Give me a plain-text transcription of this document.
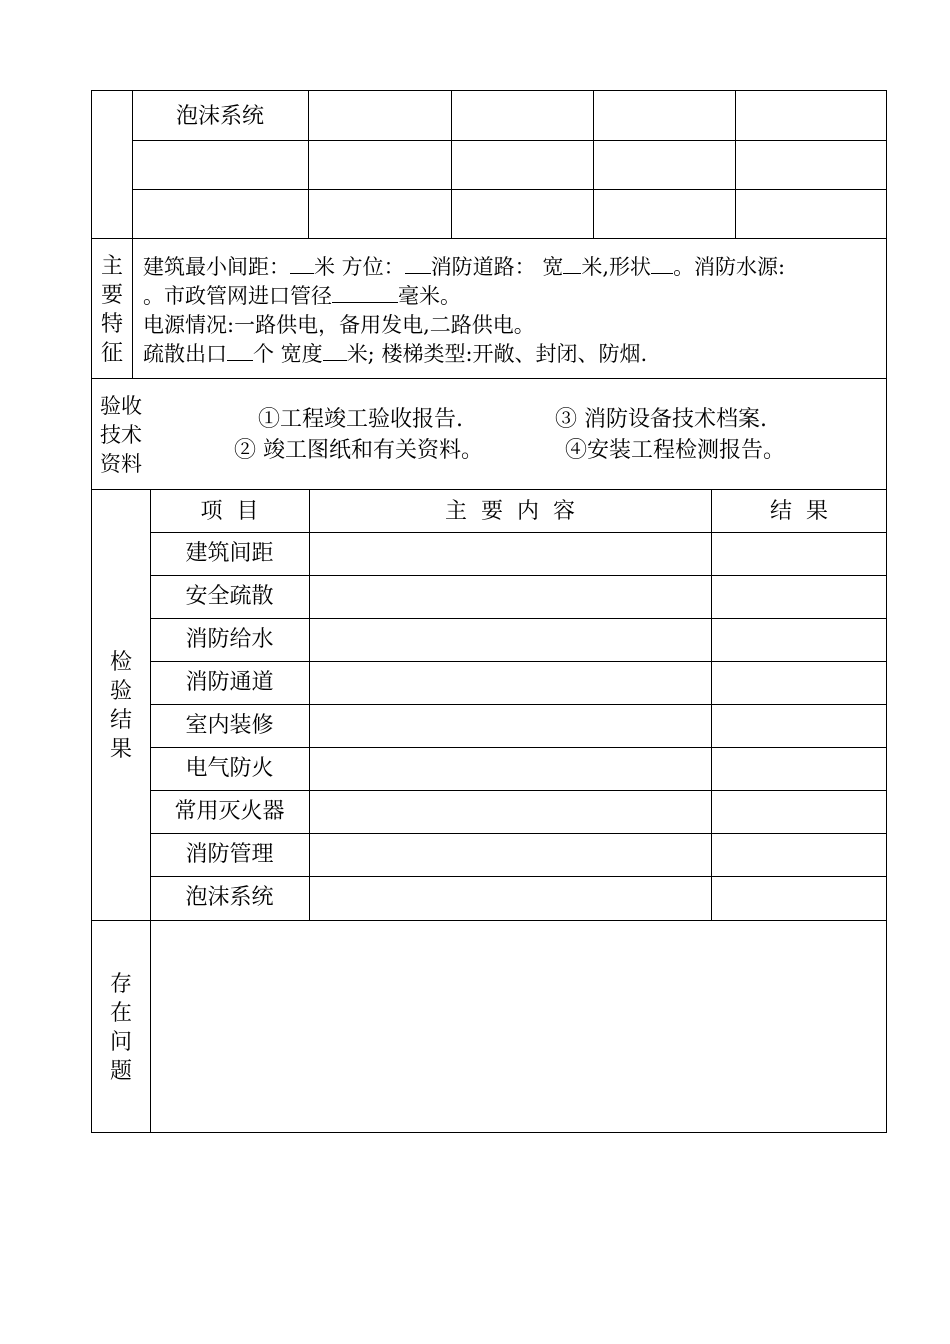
泡沫系统
主
要
特
征
建筑最小间距： 米 方位： 消防道路： 宽 米,形状 。消防水源:
。市政管网进口管径	毫米。
电源情况:一路供电，备用发电,二路供电。
疏散出口 个 宽度 米; 楼梯类型:开敞、封闭、防烟.
验收
技术
资料
①工程竣工验收报告.	③ 消防设备技术档案.
② 竣工图纸和有关资料。	④安装工程检测报告。
检
验
结
果
项  目	主  要  内  容	结  果
建筑间距
安全疏散
消防给水
消防通道
室内装修
电气防火
常用灭火器
消防管理
泡沫系统
存
在
问
题
